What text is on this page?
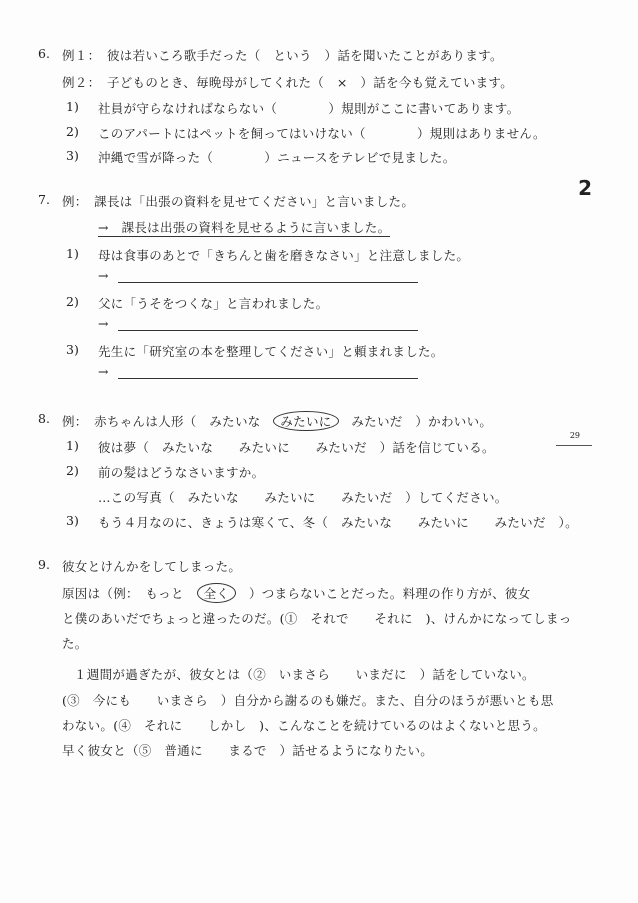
2
29
6. 例１：　彼は若いころ歌手だった（　という　）話を聞いたことがあります。
例２：　子どものとき、毎晩母がしてくれた（　×　）話を今も覚えています。
1) 社員が守らなければならない（　　　　）規則がここに書いてあります。
2) このアパートにはペットを飼ってはいけない（　　　　）規則はありません。
3) 沖縄で雪が降った（　　　　）ニュースをテレビで見ました。
7. 例：　課長は「出張の資料を見せてください」と言いました。
→　課長は出張の資料を見せるように言いました。
1) 母は食事のあとで「きちんと歯を磨きなさい」と注意しました。
→
2) 父に「うそをつくな」と言われました。
→
3) 先生に「研究室の本を整理してください」と頼まれました。
→
8. 例：　赤ちゃんは人形（　みたいな　みたいに　みたいだ　）かわいい。
1) 彼は夢（　みたいな　　みたいに　　みたいだ　）話を信じている。
2) 前の髪はどうなさいますか。
…この写真（　みたいな　　みたいに　　みたいだ　）してください。
3) もう４月なのに、きょうは寒くて、冬（　みたいな　　みたいに　　みたいだ　）。
9. 彼女とけんかをしてしまった。
原因は（例：　もっと　全く　）つまらないことだった。料理の作り方が、彼女
と僕のあいだでちょっと違ったのだ。(①　それで　　それに　)、けんかになってしまっ
た。
１週間が過ぎたが、彼女とは（②　いまさら　　いまだに　）話をしていない。
(③　今にも　　いまさら　）自分から謝るのも嫌だ。また、自分のほうが悪いとも思
わない。(④　それに　　しかし　)、こんなことを続けているのはよくないと思う。
早く彼女と（⑤　普通に　　まるで　）話せるようになりたい。
